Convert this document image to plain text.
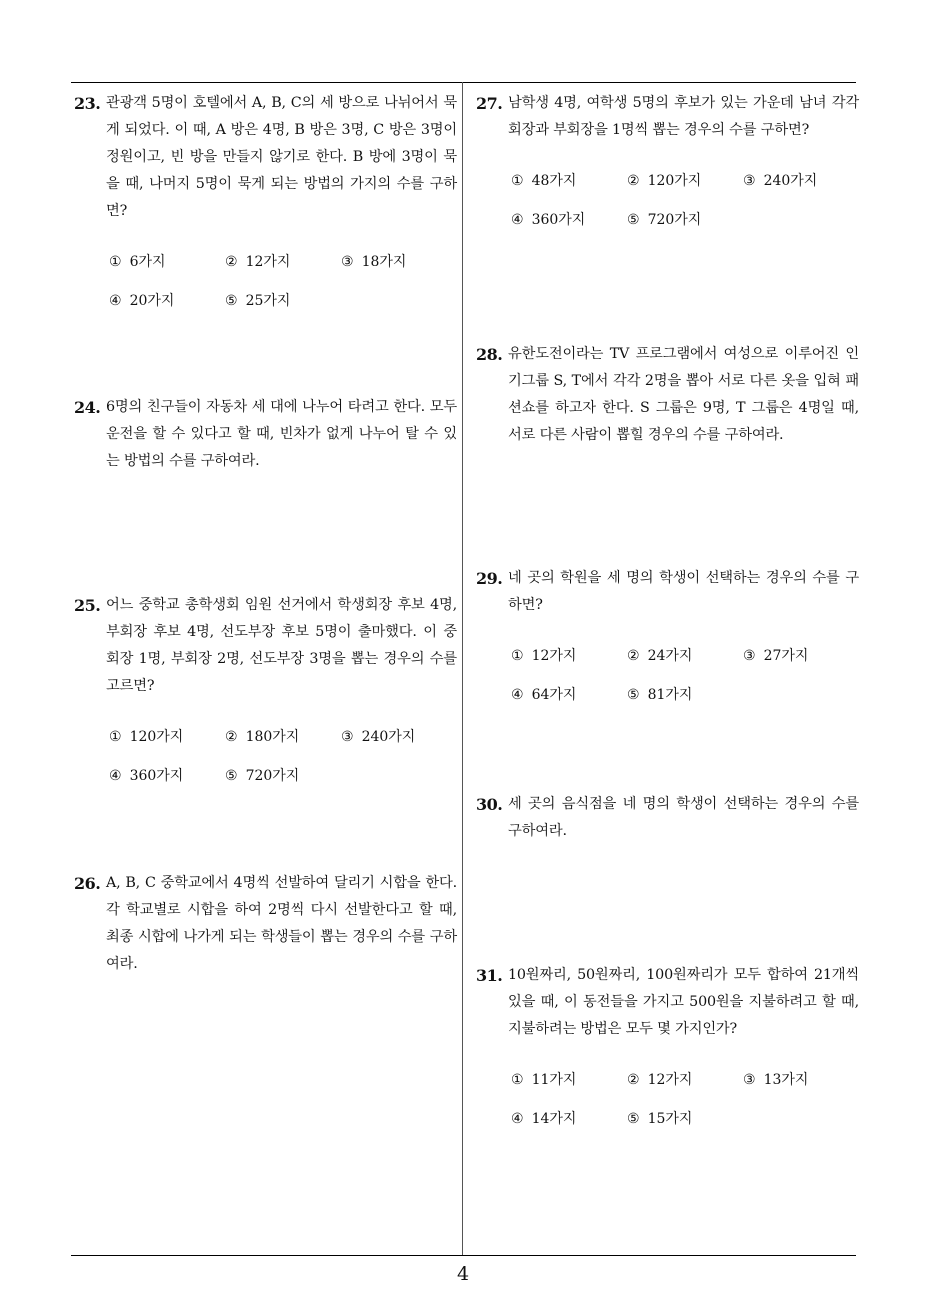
23. 관광객 5명이 호텔에서 A, B, C의 세 방으로 나뉘어서 묵게 되었다. 이 때, A 방은 4명, B 방은 3명, C 방은 3명이 정원이고, 빈 방을 만들지 않기로 한다. B 방에 3명이 묵을 때, 나머지 5명이 묵게 되는 방법의 가지의 수를 구하면?
① 6가지	② 12가지	③ 18가지
④ 20가지	⑤ 25가지
24. 6명의 친구들이 자동차 세 대에 나누어 타려고 한다. 모두 운전을 할 수 있다고 할 때, 빈차가 없게 나누어 탈 수 있는 방법의 수를 구하여라.
25. 어느 중학교 총학생회 임원 선거에서 학생회장 후보 4명, 부회장 후보 4명, 선도부장 후보 5명이 출마했다. 이 중 회장 1명, 부회장 2명, 선도부장 3명을 뽑는 경우의 수를 고르면?
① 120가지	② 180가지	③ 240가지
④ 360가지	⑤ 720가지
26. A, B, C 중학교에서 4명씩 선발하여 달리기 시합을 한다. 각 학교별로 시합을 하여 2명씩 다시 선발한다고 할 때, 최종 시합에 나가게 되는 학생들이 뽑는 경우의 수를 구하여라.
27. 남학생 4명, 여학생 5명의 후보가 있는 가운데 남녀 각각 회장과 부회장을 1명씩 뽑는 경우의 수를 구하면?
① 48가지	② 120가지	③ 240가지
④ 360가지	⑤ 720가지
28. 유한도전이라는 TV 프로그램에서 여성으로 이루어진 인기그룹 S, T에서 각각 2명을 뽑아 서로 다른 옷을 입혀 패션쇼를 하고자 한다. S 그룹은 9명, T 그룹은 4명일 때, 서로 다른 사람이 뽑힐 경우의 수를 구하여라.
29. 네 곳의 학원을 세 명의 학생이 선택하는 경우의 수를 구하면?
① 12가지	② 24가지	③ 27가지
④ 64가지	⑤ 81가지
30. 세 곳의 음식점을 네 명의 학생이 선택하는 경우의 수를 구하여라.
31. 10원짜리, 50원짜리, 100원짜리가 모두 합하여 21개씩 있을 때, 이 동전들을 가지고 500원을 지불하려고 할 때, 지불하려는 방법은 모두 몇 가지인가?
① 11가지	② 12가지	③ 13가지
④ 14가지	⑤ 15가지
4
